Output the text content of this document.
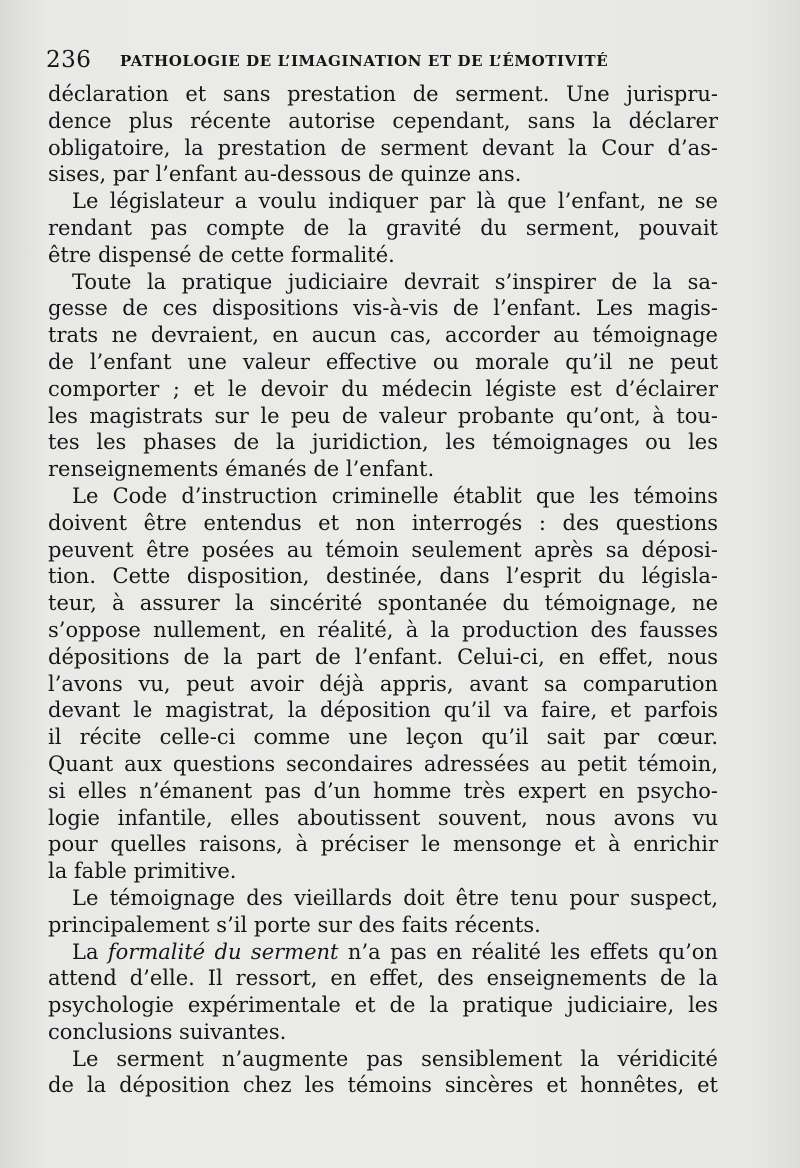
236 PATHOLOGIE DE L’IMAGINATION ET DE L’ÉMOTIVITÉ
déclaration et sans prestation de serment. Une jurispru-
dence plus récente autorise cependant, sans la déclarer
obligatoire, la prestation de serment devant la Cour d’as-
sises, par l’enfant au-dessous de quinze ans.
Le législateur a voulu indiquer par là que l’enfant, ne se
rendant pas compte de la gravité du serment, pouvait
être dispensé de cette formalité.
Toute la pratique judiciaire devrait s’inspirer de la sa-
gesse de ces dispositions vis-à-vis de l’enfant. Les magis-
trats ne devraient, en aucun cas, accorder au témoignage
de l’enfant une valeur effective ou morale qu’il ne peut
comporter ; et le devoir du médecin légiste est d’éclairer
les magistrats sur le peu de valeur probante qu’ont, à tou-
tes les phases de la juridiction, les témoignages ou les
renseignements émanés de l’enfant.
Le Code d’instruction criminelle établit que les témoins
doivent être entendus et non interrogés : des questions
peuvent être posées au témoin seulement après sa déposi-
tion. Cette disposition, destinée, dans l’esprit du législa-
teur, à assurer la sincérité spontanée du témoignage, ne
s’oppose nullement, en réalité, à la production des fausses
dépositions de la part de l’enfant. Celui-ci, en effet, nous
l’avons vu, peut avoir déjà appris, avant sa comparution
devant le magistrat, la déposition qu’il va faire, et parfois
il récite celle-ci comme une leçon qu’il sait par cœur.
Quant aux questions secondaires adressées au petit témoin,
si elles n’émanent pas d’un homme très expert en psycho-
logie infantile, elles aboutissent souvent, nous avons vu
pour quelles raisons, à préciser le mensonge et à enrichir
la fable primitive.
Le témoignage des vieillards doit être tenu pour suspect,
principalement s’il porte sur des faits récents.
La formalité du serment n’a pas en réalité les effets qu’on
attend d’elle. Il ressort, en effet, des enseignements de la
psychologie expérimentale et de la pratique judiciaire, les
conclusions suivantes.
Le serment n’augmente pas sensiblement la véridicité
de la déposition chez les témoins sincères et honnêtes, et
